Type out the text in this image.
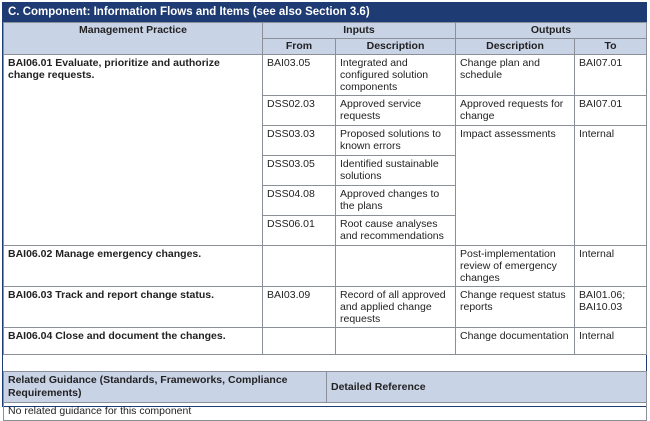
C. Component: Information Flows and Items (see also Section 3.6)
Management Practice	Inputs		Outputs	
	From	Description	Description	To
BAI06.01 Evaluate, prioritize and authorize change requests.	BAI03.05	Integrated and configured solution components	Change plan and schedule	BAI07.01
	DSS02.03	Approved service requests	Approved requests for change	BAI07.01
	DSS03.03	Proposed solutions to known errors	Impact assessments	Internal
	DSS03.05	Identified sustainable solutions		
	DSS04.08	Approved changes to the plans		
	DSS06.01	Root cause analyses and recommendations		
BAI06.02 Manage emergency changes.			Post-implementation review of emergency changes	Internal
BAI06.03 Track and report change status.	BAI03.09	Record of all approved and applied change requests	Change request status reports	BAI01.06; BAI10.03
BAI06.04 Close and document the changes.			Change documentation	Internal
Related Guidance (Standards, Frameworks, Compliance Requirements)	Detailed Reference
No related guidance for this component
